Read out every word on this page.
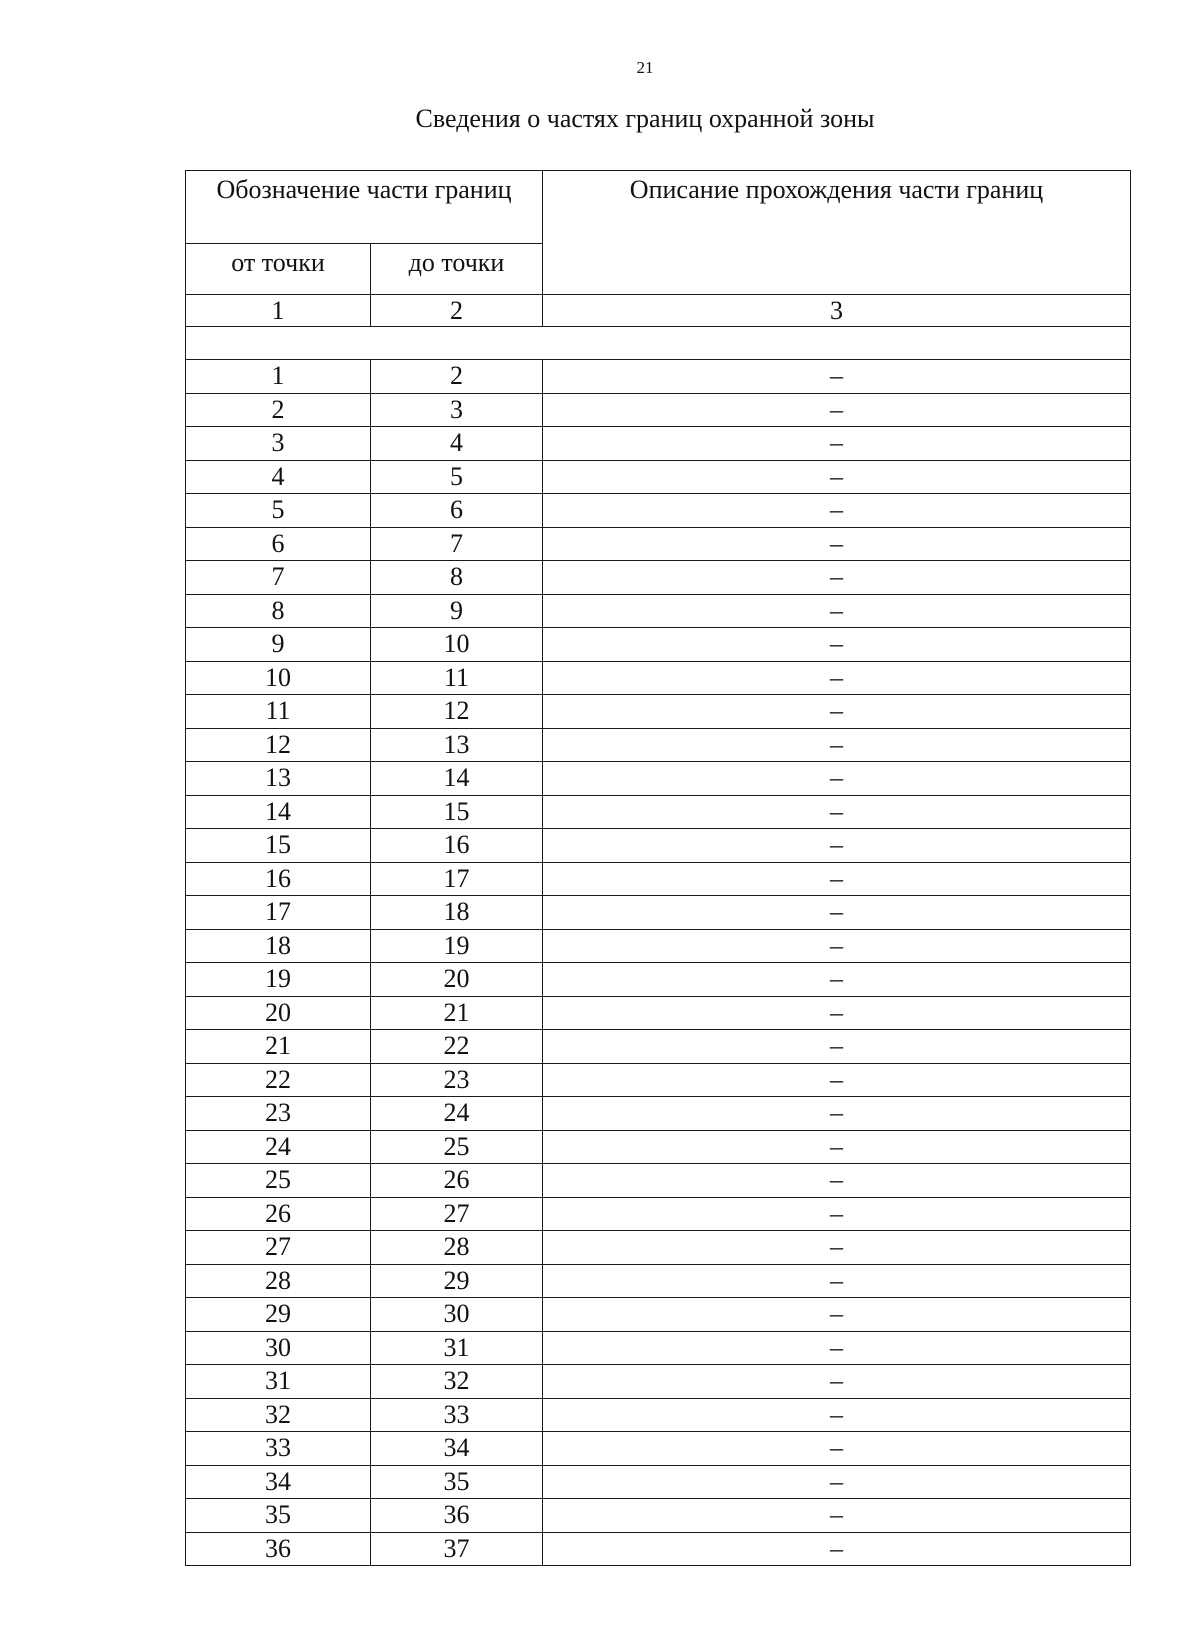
21
Сведения о частях границ охранной зоны
Обозначение части границ		Описание прохождения части границ
от точки	до точки	
1	2	3

1	2	–
2	3	–
3	4	–
4	5	–
5	6	–
6	7	–
7	8	–
8	9	–
9	10	–
10	11	–
11	12	–
12	13	–
13	14	–
14	15	–
15	16	–
16	17	–
17	18	–
18	19	–
19	20	–
20	21	–
21	22	–
22	23	–
23	24	–
24	25	–
25	26	–
26	27	–
27	28	–
28	29	–
29	30	–
30	31	–
31	32	–
32	33	–
33	34	–
34	35	–
35	36	–
36	37	–
